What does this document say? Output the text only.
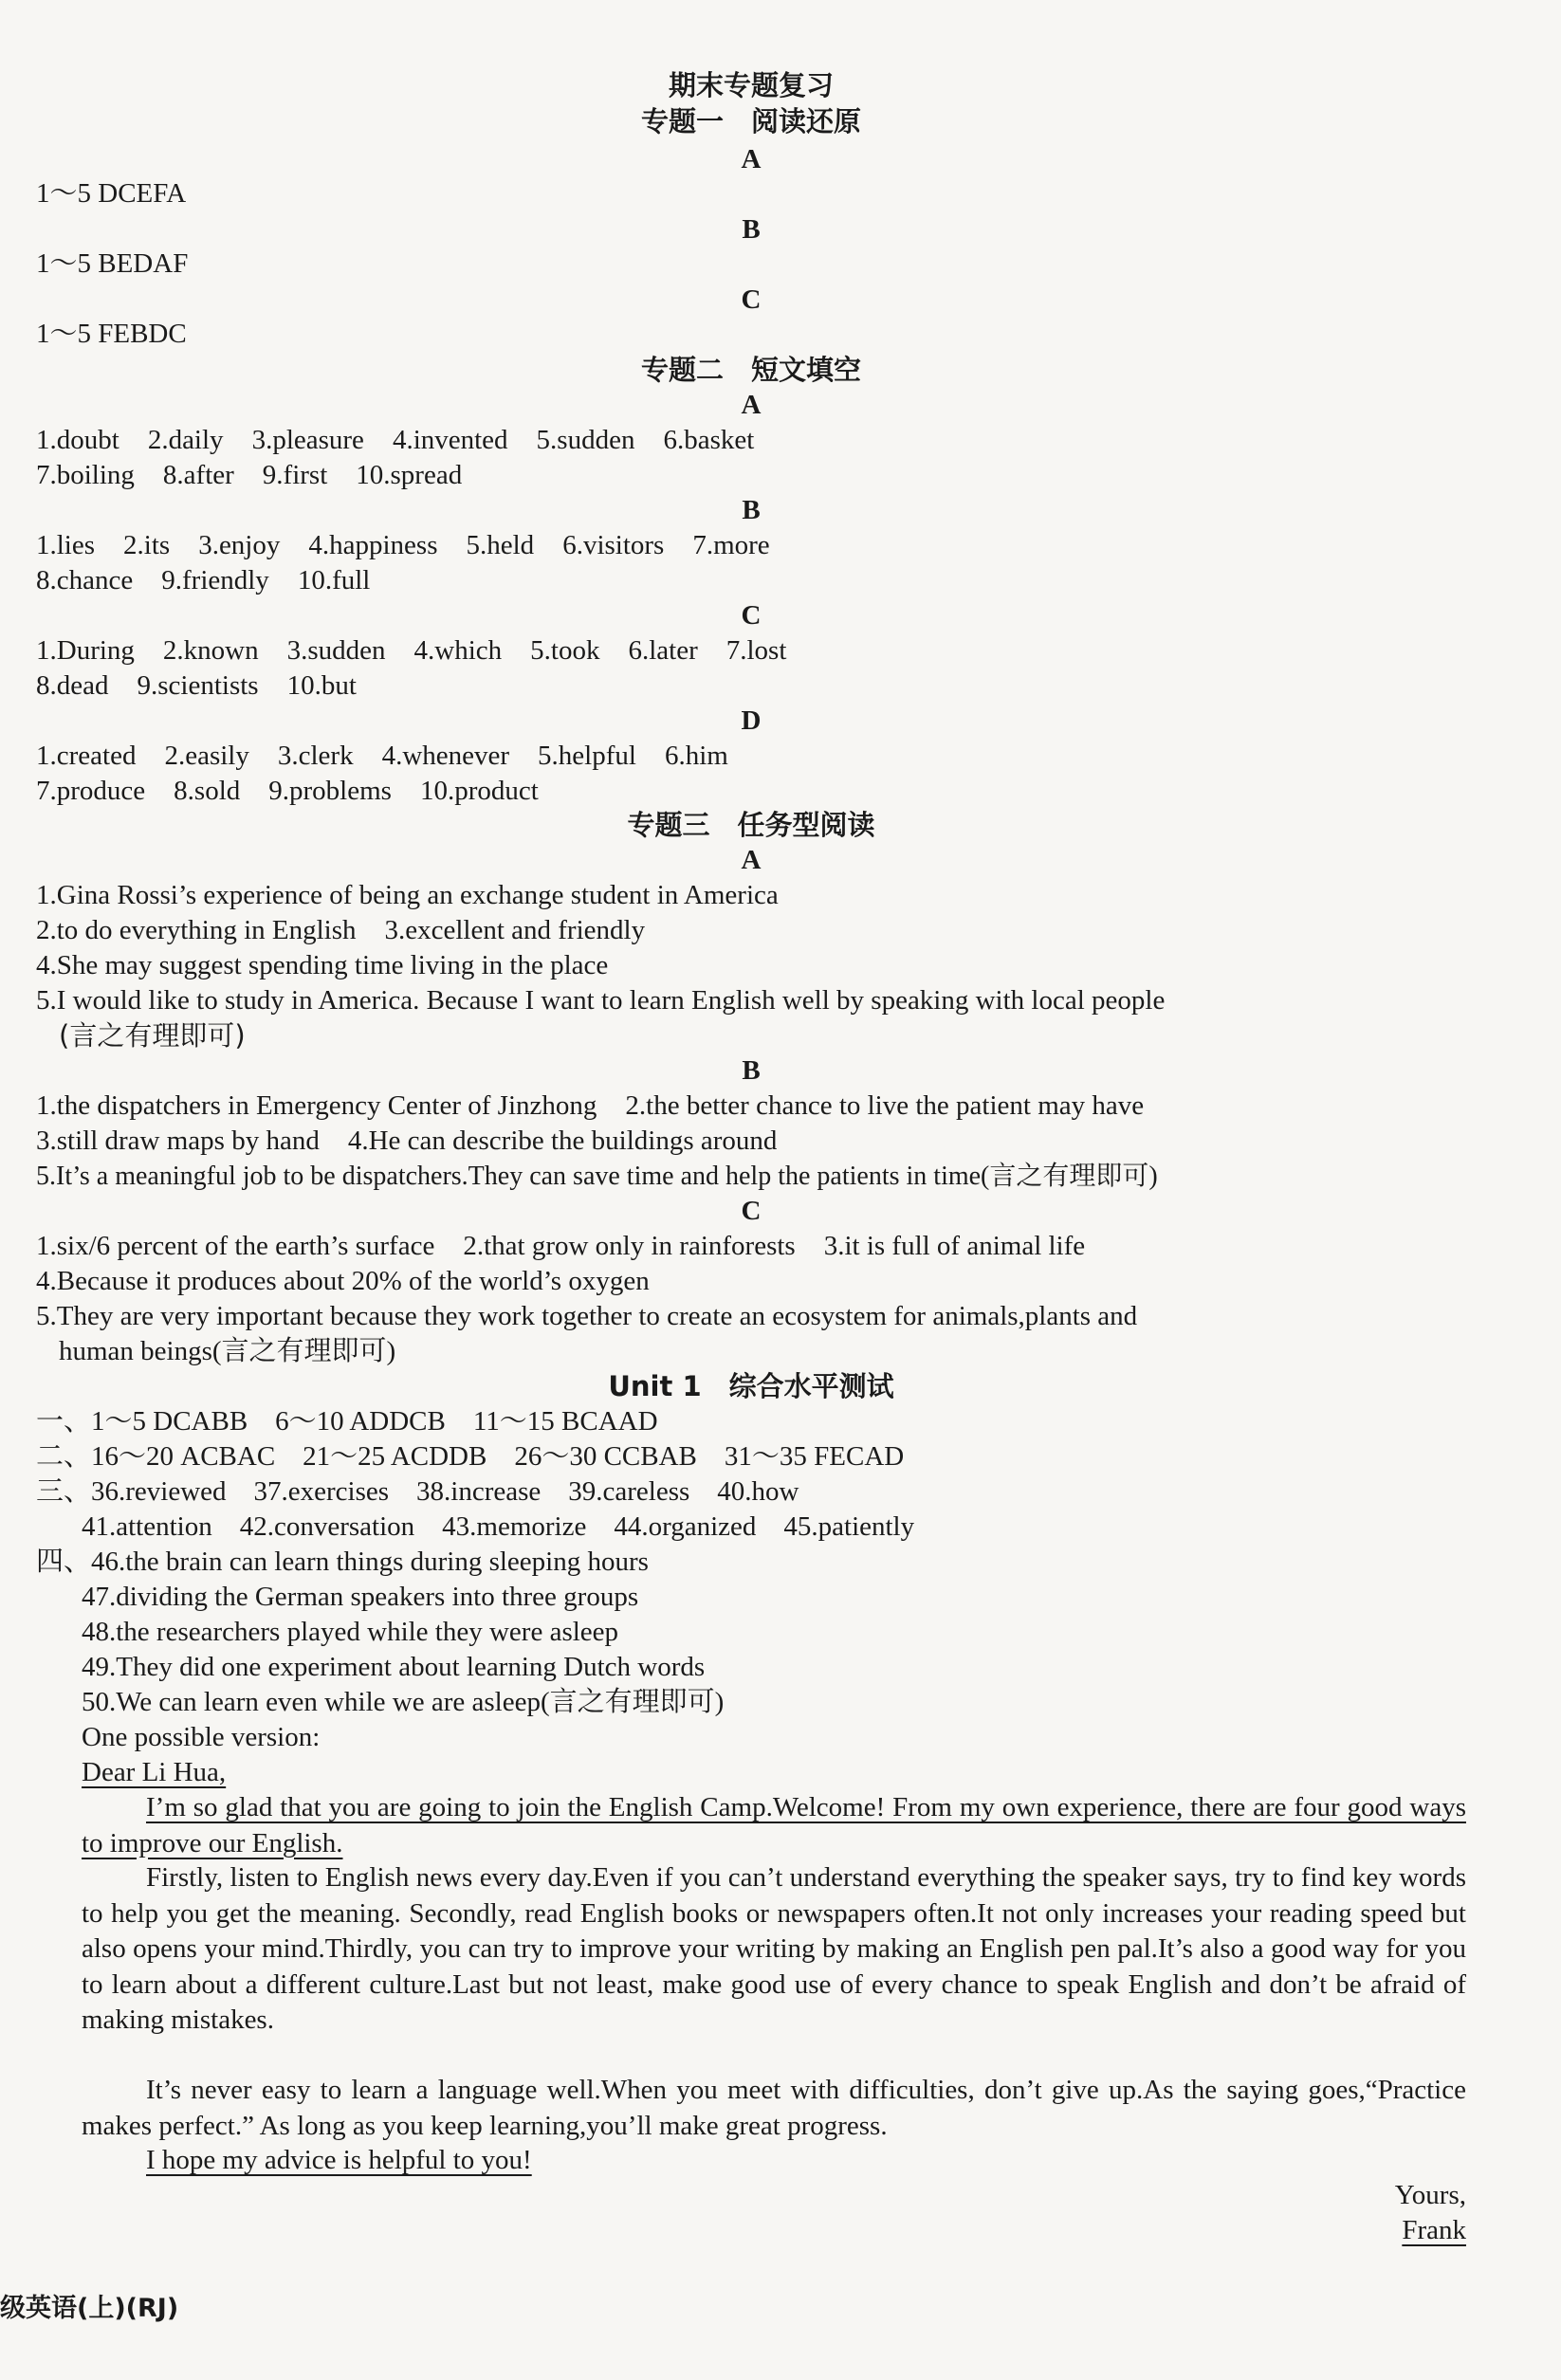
期末专题复习
专题一　阅读还原
A
1～5 DCEFA
B
1～5 BEDAF
C
1～5 FEBDC
专题二　短文填空
A
1.doubt 2.daily 3.pleasure 4.invented 5.sudden 6.basket
7.boiling 8.after 9.first 10.spread
B
1.lies 2.its 3.enjoy 4.happiness 5.held 6.visitors 7.more
8.chance 9.friendly 10.full
C
1.During 2.known 3.sudden 4.which 5.took 6.later 7.lost
8.dead 9.scientists 10.but
D
1.created 2.easily 3.clerk 4.whenever 5.helpful 6.him
7.produce 8.sold 9.problems 10.product
专题三　任务型阅读
A
1.Gina Rossi’s experience of being an exchange student in America
2.to do everything in English 3.excellent and friendly
4.She may suggest spending time living in the place
5.I would like to study in America. Because I want to learn English well by speaking with local people
(言之有理即可)
B
1.the dispatchers in Emergency Center of Jinzhong 2.the better chance to live the patient may have
3.still draw maps by hand 4.He can describe the buildings around
5.It’s a meaningful job to be dispatchers.They can save time and help the patients in time(言之有理即可)
C
1.six/6 percent of the earth’s surface 2.that grow only in rainforests 3.it is full of animal life
4.Because it produces about 20% of the world’s oxygen
5.They are very important because they work together to create an ecosystem for animals,plants and
human beings(言之有理即可)
Unit 1　综合水平测试
一、1～5 DCABB　6～10 ADDCB　11～15 BCAAD
二、16～20 ACBAC　21～25 ACDDB　26～30 CCBAB　31～35 FECAD
三、36.reviewed　37.exercises　38.increase　39.careless　40.how
41.attention　42.conversation　43.memorize　44.organized　45.patiently
四、46.the brain can learn things during sleeping hours
47.dividing the German speakers into three groups
48.the researchers played while they were asleep
49.They did one experiment about learning Dutch words
50.We can learn even while we are asleep(言之有理即可)
One possible version:
Dear Li Hua,
I’m so glad that you are going to join the English Camp.Welcome! From my own experience, there are four good ways to improve our English.
Firstly, listen to English news every day.Even if you can’t understand everything the speaker says, try to find key words to help you get the meaning. Secondly, read English books or newspapers often.It not only increases your reading speed but also opens your mind.Thirdly, you can try to improve your writing by making an English pen pal.It’s also a good way for you to learn about a different culture.Last but not least, make good use of every chance to speak English and don’t be afraid of making mistakes.
It’s never easy to learn a language well.When you meet with difficulties, don’t give up.As the saying goes,“Practice makes perfect.” As long as you keep learning,you’ll make great progress.
I hope my advice is helpful to you!
Yours,
Frank
级英语(上)(RJ)
